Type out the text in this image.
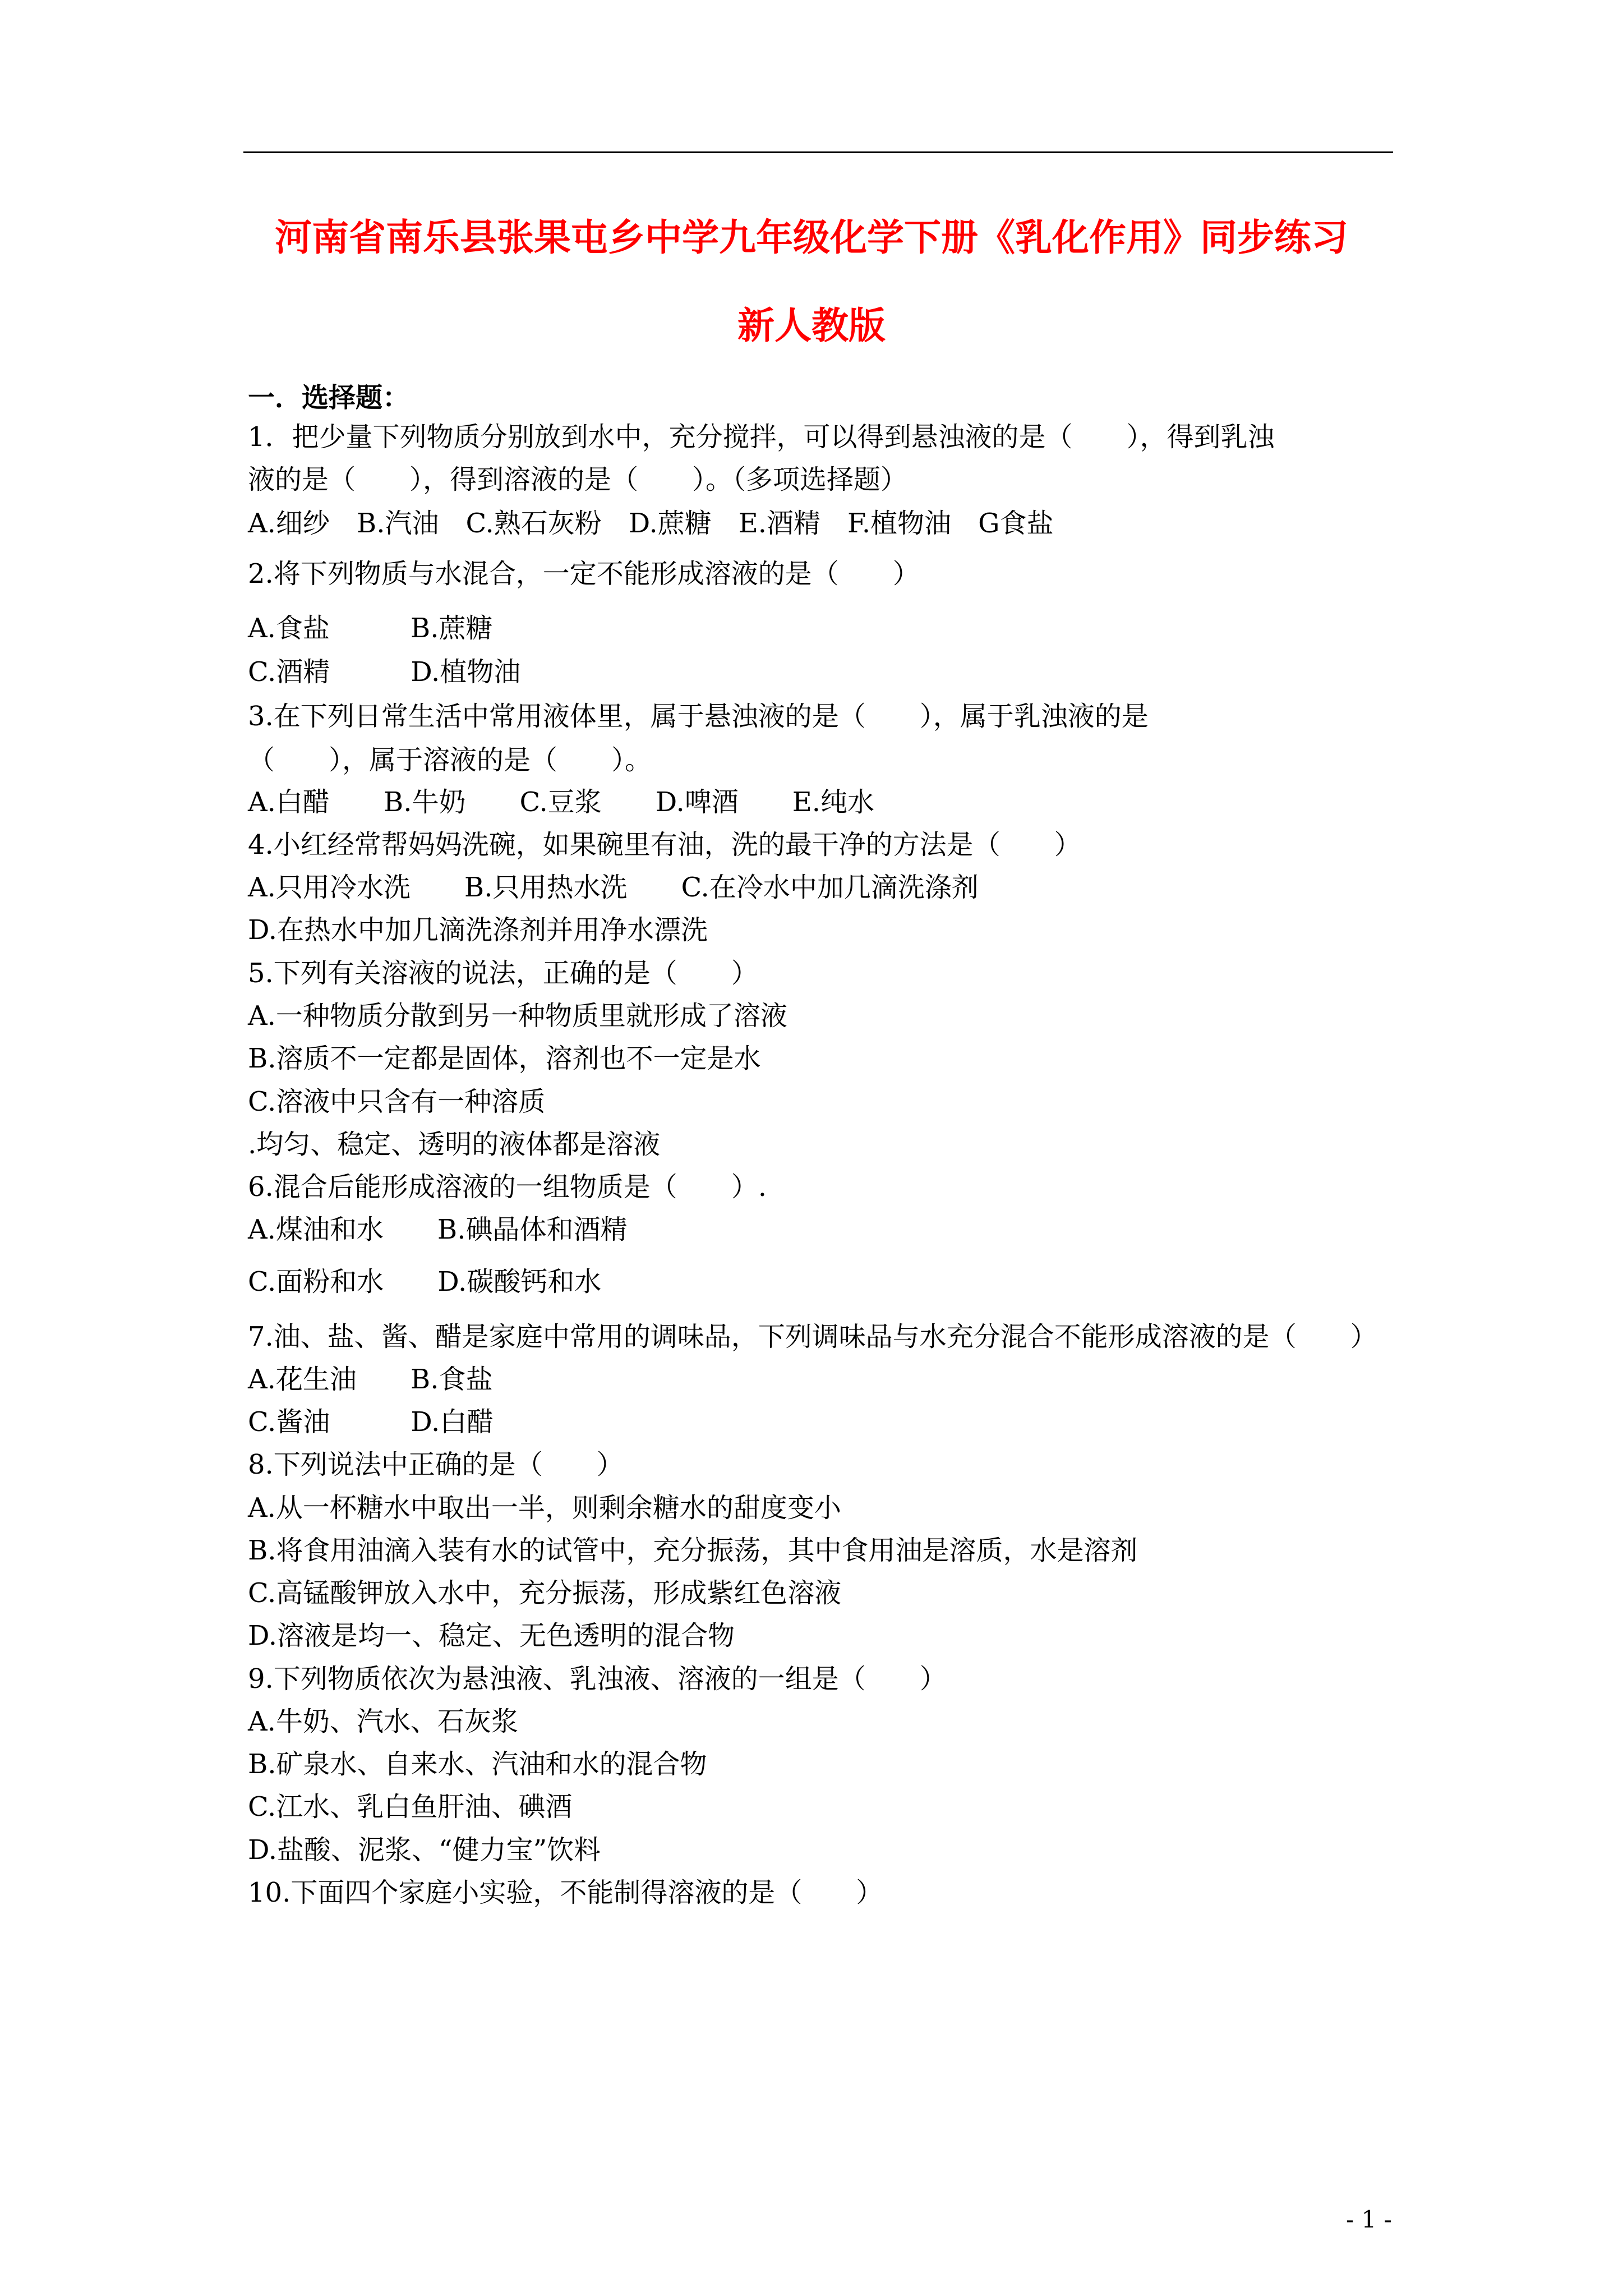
河南省南乐县张果屯乡中学九年级化学下册《乳化作用》同步练习
新人教版
一．选择题：
1．把少量下列物质分别放到水中，充分搅拌，可以得到悬浊液的是（　　），得到乳浊
液的是（　　），得到溶液的是（　　）。（多项选择题）
A.细纱　B.汽油　C.熟石灰粉　D.蔗糖　E.酒精　F.植物油　G食盐
2.将下列物质与水混合，一定不能形成溶液的是（　　）
A.食盐　　　B.蔗糖
C.酒精　　　D.植物油
3.在下列日常生活中常用液体里，属于悬浊液的是（　　），属于乳浊液的是
（　　），属于溶液的是（　　）。
A.白醋　　B.牛奶　　C.豆浆　　D.啤酒　　E.纯水
4.小红经常帮妈妈洗碗，如果碗里有油，洗的最干净的方法是（　　）
A.只用冷水洗　　B.只用热水洗　　C.在冷水中加几滴洗涤剂
D.在热水中加几滴洗涤剂并用净水漂洗
5.下列有关溶液的说法，正确的是（　　）
A.一种物质分散到另一种物质里就形成了溶液
B.溶质不一定都是固体，溶剂也不一定是水
C.溶液中只含有一种溶质
.均匀、稳定、透明的液体都是溶液
6.混合后能形成溶液的一组物质是（　　）.
A.煤油和水　　B.碘晶体和酒精
C.面粉和水　　D.碳酸钙和水
7.油、盐、酱、醋是家庭中常用的调味品，下列调味品与水充分混合不能形成溶液的是（　　）
A.花生油　　B.食盐
C.酱油　　　D.白醋
8.下列说法中正确的是（　　）
A.从一杯糖水中取出一半，则剩余糖水的甜度变小
B.将食用油滴入装有水的试管中，充分振荡，其中食用油是溶质，水是溶剂
C.高锰酸钾放入水中，充分振荡，形成紫红色溶液
D.溶液是均一、稳定、无色透明的混合物
9.下列物质依次为悬浊液、乳浊液、溶液的一组是（　　）
A.牛奶、汽水、石灰浆
B.矿泉水、自来水、汽油和水的混合物
C.江水、乳白鱼肝油、碘酒
D.盐酸、泥浆、“健力宝”饮料
10.下面四个家庭小实验，不能制得溶液的是（　　）
- 1 -
